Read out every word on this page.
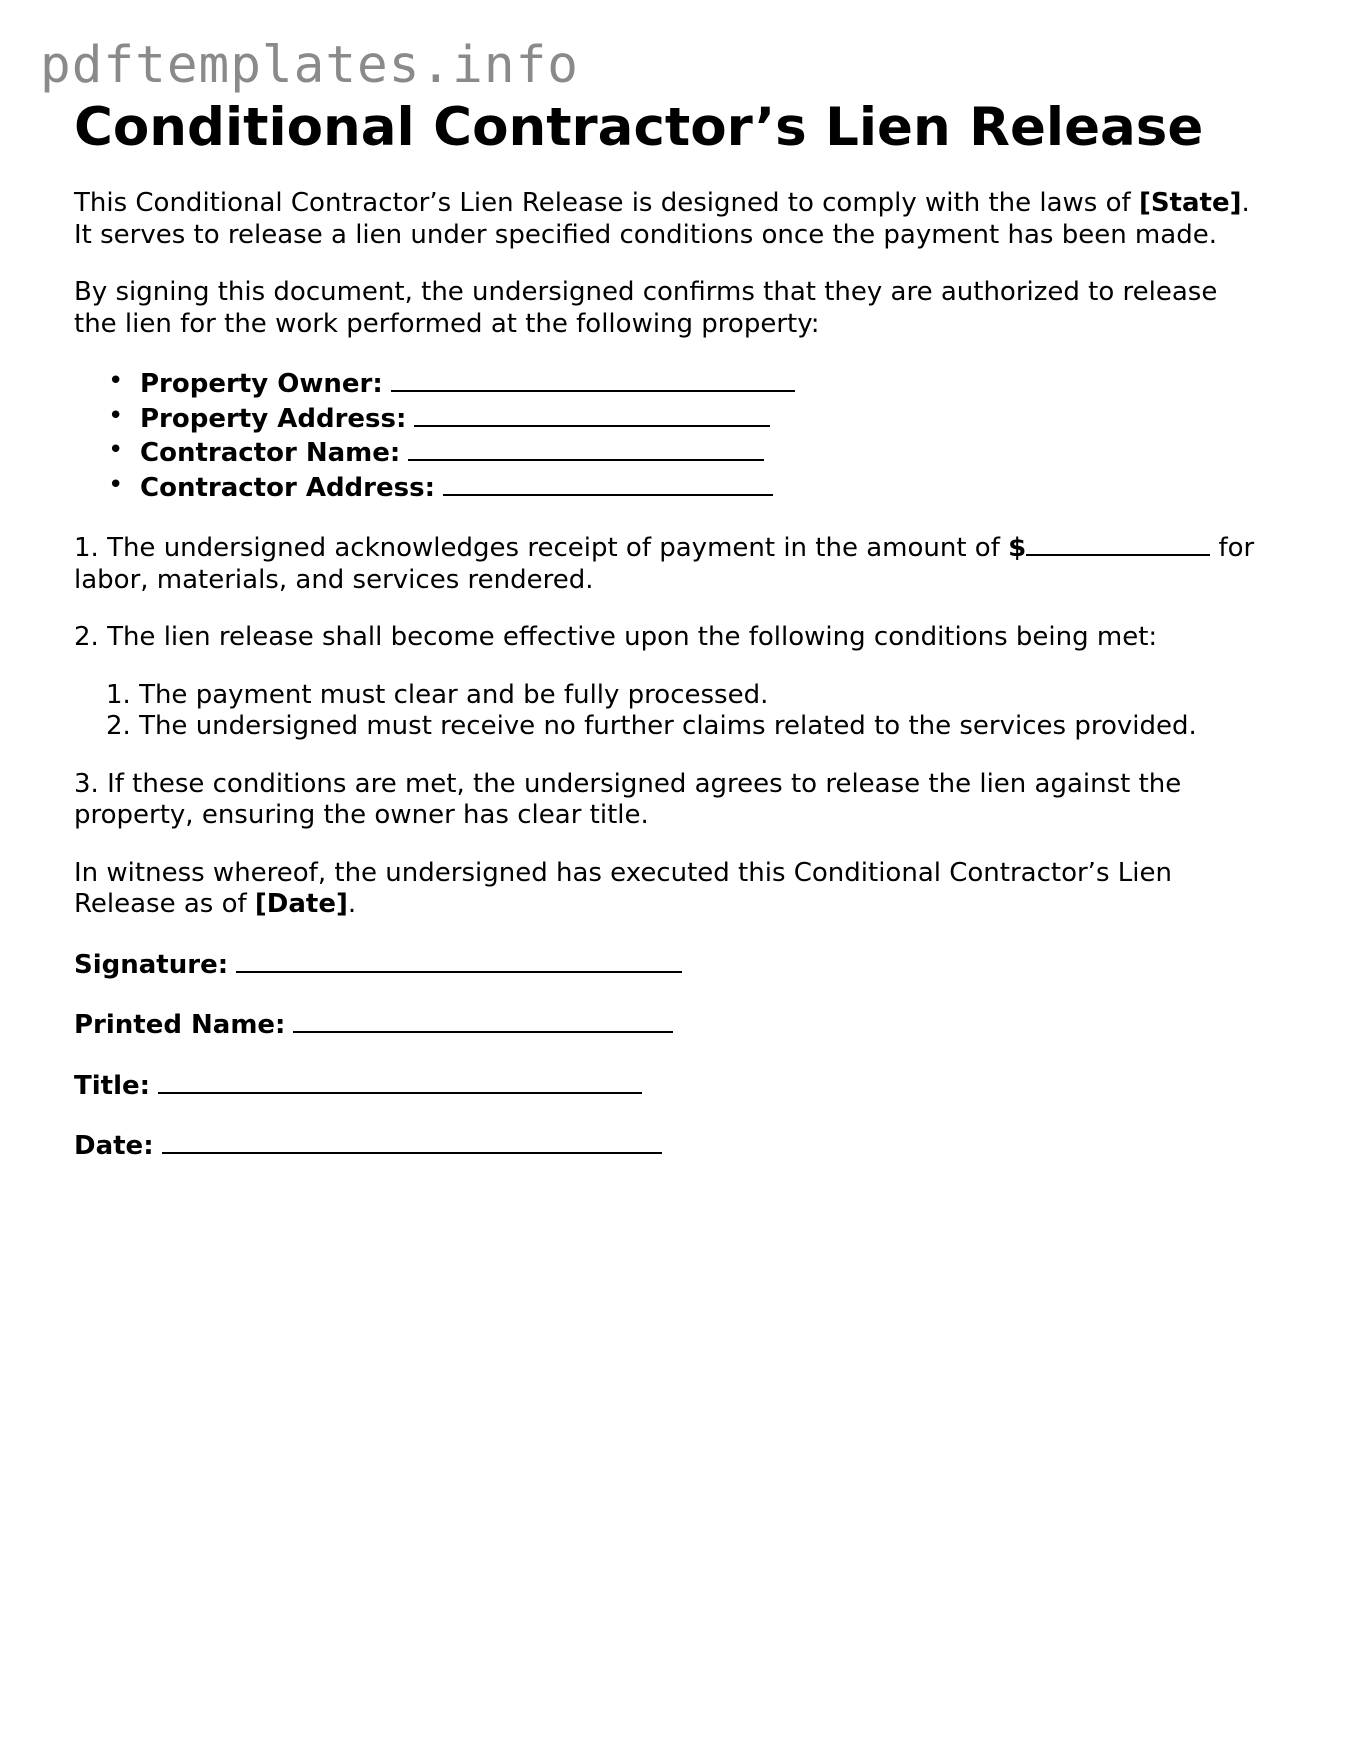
pdftemplates.info
Conditional Contractor’s Lien Release

This Conditional Contractor’s Lien Release is designed to comply with the laws of [State].
It serves to release a lien under specified conditions once the payment has been made.

By signing this document, the undersigned confirms that they are authorized to release the lien for the work performed at the following property:

• Property Owner:
• Property Address:
• Contractor Name:
• Contractor Address:

1. The undersigned acknowledges receipt of payment in the amount of $	for labor, materials, and services rendered.

2. The lien release shall become effective upon the following conditions being met:

1. The payment must clear and be fully processed.
2. The undersigned must receive no further claims related to the services provided.

3. If these conditions are met, the undersigned agrees to release the lien against the property, ensuring the owner has clear title.

In witness whereof, the undersigned has executed this Conditional Contractor’s Lien Release as of [Date].

Signature:
Printed Name:
Title:
Date:
